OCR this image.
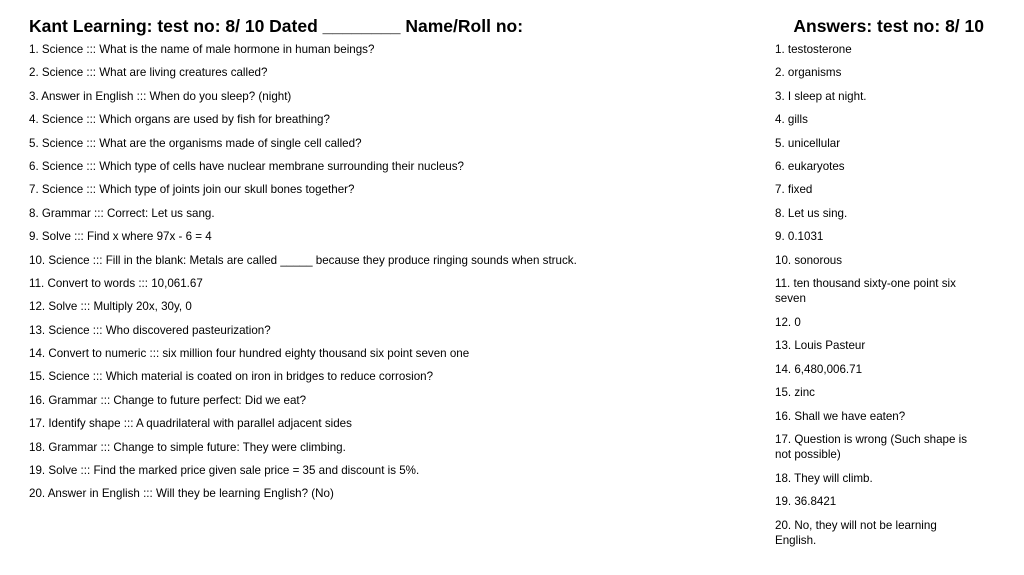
Kant Learning: test no: 8/ 10 Dated ________ Name/Roll no:	Answers: test no: 8/ 10
1. Science ::: What is the name of male hormone in human beings?
2. Science ::: What are living creatures called?
3. Answer in English ::: When do you sleep? (night)
4. Science ::: Which organs are used by fish for breathing?
5. Science ::: What are the organisms made of single cell called?
6. Science ::: Which type of cells have nuclear membrane surrounding their nucleus?
7. Science ::: Which type of joints join our skull bones together?
8. Grammar ::: Correct: Let us sang.
9. Solve ::: Find x where 97x - 6 = 4
10. Science ::: Fill in the blank: Metals are called _____ because they produce ringing sounds when struck.
11. Convert to words ::: 10,061.67
12. Solve ::: Multiply 20x, 30y, 0
13. Science ::: Who discovered pasteurization?
14. Convert to numeric ::: six million four hundred eighty thousand six point seven one
15. Science ::: Which material is coated on iron in bridges to reduce corrosion?
16. Grammar ::: Change to future perfect: Did we eat?
17. Identify shape ::: A quadrilateral with parallel adjacent sides
18. Grammar ::: Change to simple future: They were climbing.
19. Solve ::: Find the marked price given sale price = 35 and discount is 5%.
20. Answer in English ::: Will they be learning English? (No)
1. testosterone
2. organisms
3. I sleep at night.
4. gills
5. unicellular
6. eukaryotes
7. fixed
8. Let us sing.
9. 0.1031
10. sonorous
11. ten thousand sixty-one point six seven
12. 0
13. Louis Pasteur
14. 6,480,006.71
15. zinc
16. Shall we have eaten?
17. Question is wrong (Such shape is not possible)
18. They will climb.
19. 36.8421
20. No, they will not be learning English.
